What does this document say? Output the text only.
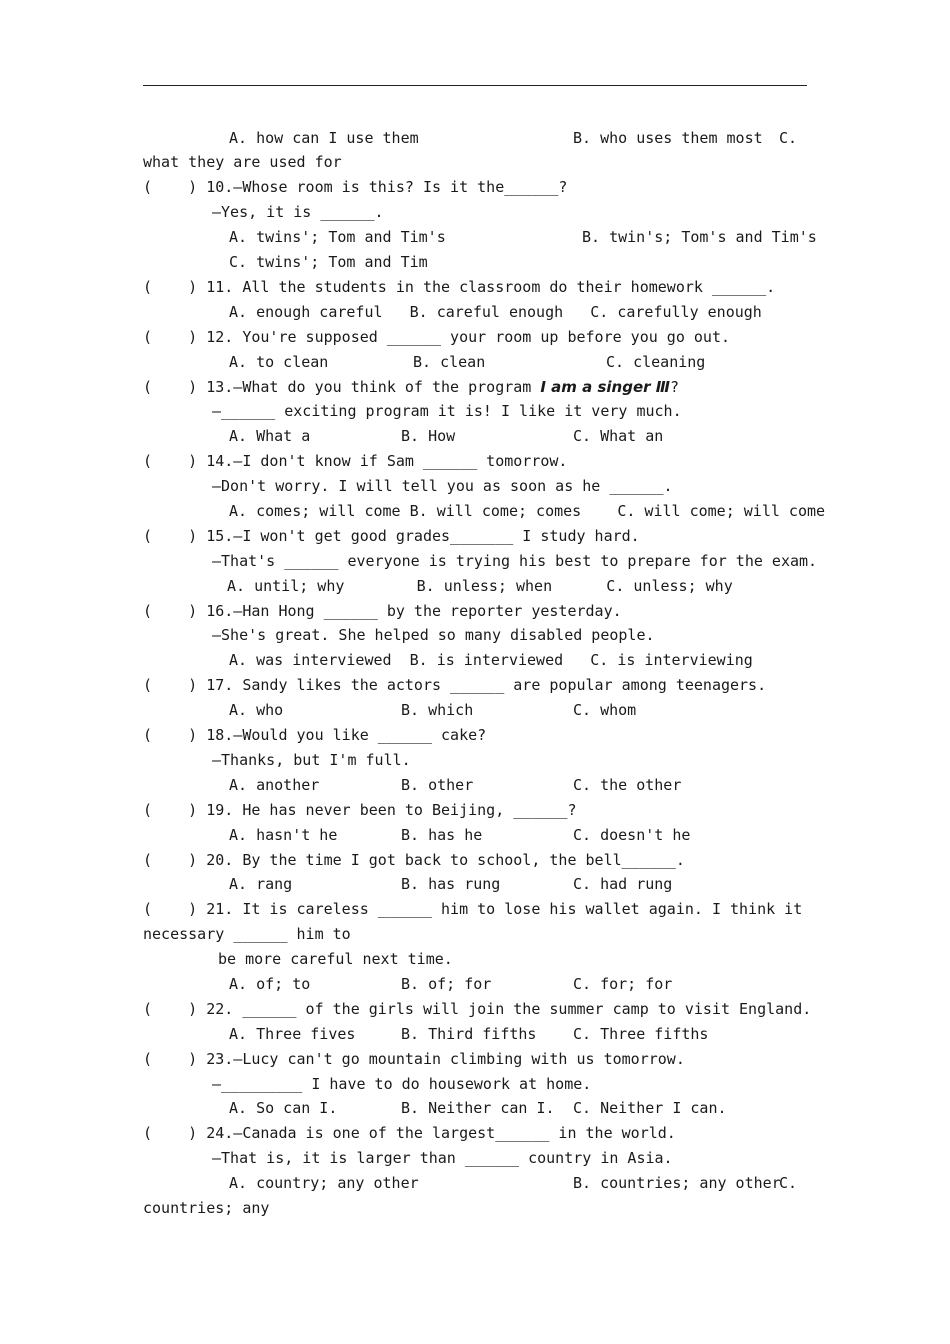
A. how can I use them	B. who uses them most C.
what they are used for
(    ) 10.—Whose room is this? Is it the______?
—Yes, it is ______.
A. twins'; Tom and Tim's	B. twin's; Tom's and Tim's
C. twins'; Tom and Tim
(    ) 11. All the students in the classroom do their homework ______.
A. enough careful   B. careful enough   C. carefully enough
(    ) 12. You're supposed ______ your room up before you go out.
A. to clean	B. clean	C. cleaning
(    ) 13.—What do you think of the program I am a singer Ⅲ?
—______ exciting program it is! I like it very much.
A. What a	B. How	C. What an
(    ) 14.—I don't know if Sam ______ tomorrow.
—Don't worry. I will tell you as soon as he ______.
A. comes; will come B. will come; comes    C. will come; will come
(    ) 15.—I won't get good grades_______ I study hard.
—That's ______ everyone is trying his best to prepare for the exam.
A. until; why        B. unless; when      C. unless; why
(    ) 16.—Han Hong ______ by the reporter yesterday.
—She's great. She helped so many disabled people.
A. was interviewed  B. is interviewed   C. is interviewing
(    ) 17. Sandy likes the actors ______ are popular among teenagers.
A. who	B. which	C. whom
(    ) 18.—Would you like ______ cake?
—Thanks, but I'm full.
A. another	B. other	C. the other
(    ) 19. He has never been to Beijing, ______?
A. hasn't he	B. has he	C. doesn't he
(    ) 20. By the time I got back to school, the bell______.
A. rang	B. has rung	C. had rung
(    ) 21. It is careless ______ him to lose his wallet again. I think it
necessary ______ him to
be more careful next time.
A. of; to	B. of; for	C. for; for
(    ) 22. ______ of the girls will join the summer camp to visit England.
A. Three fives	B. Third fifths C. Three fifths
(    ) 23.—Lucy can't go mountain climbing with us tomorrow.
—_________ I have to do housework at home.
A. So can I.	B. Neither can I. C. Neither I can.
(    ) 24.—Canada is one of the largest______ in the world.
—That is, it is larger than ______ country in Asia.
A. country; any other	B. countries; any other
C.
countries; any
